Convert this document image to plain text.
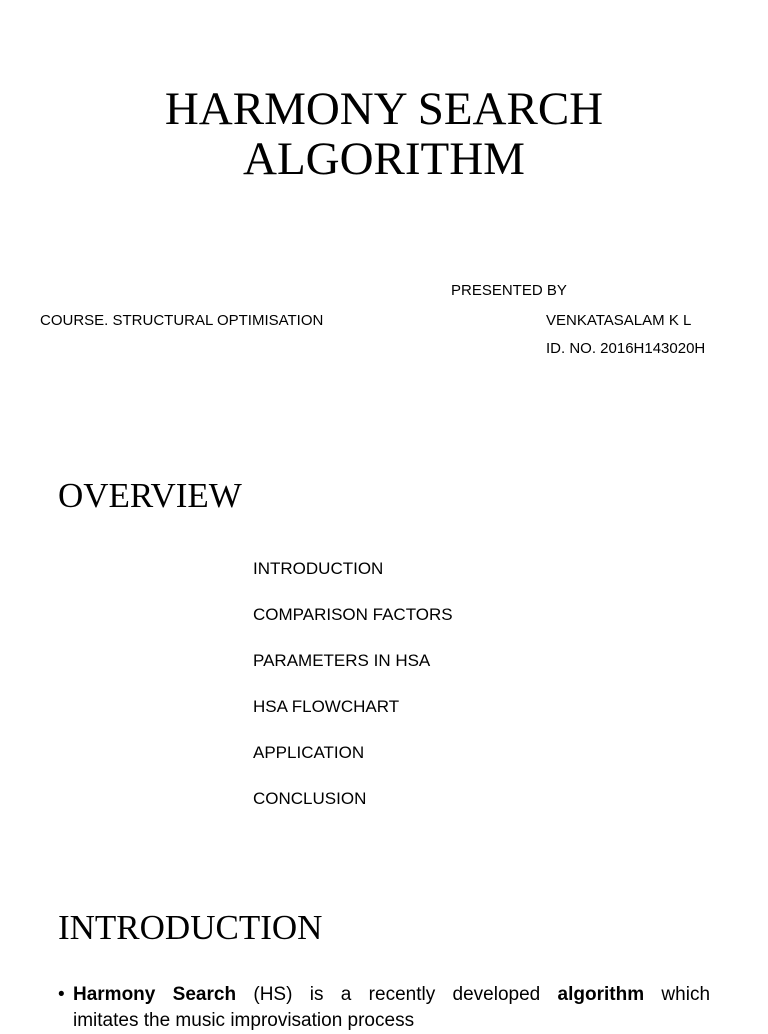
HARMONY SEARCH
ALGORITHM
PRESENTED BY
COURSE. STRUCTURAL OPTIMISATION	VENKATASALAM K L
ID. NO. 2016H143020H
OVERVIEW
INTRODUCTION
COMPARISON FACTORS
PARAMETERS IN HSA
HSA FLOWCHART
APPLICATION
CONCLUSION
INTRODUCTION
• Harmony Search (HS) is a recently developed algorithm which
imitates the music improvisation process
